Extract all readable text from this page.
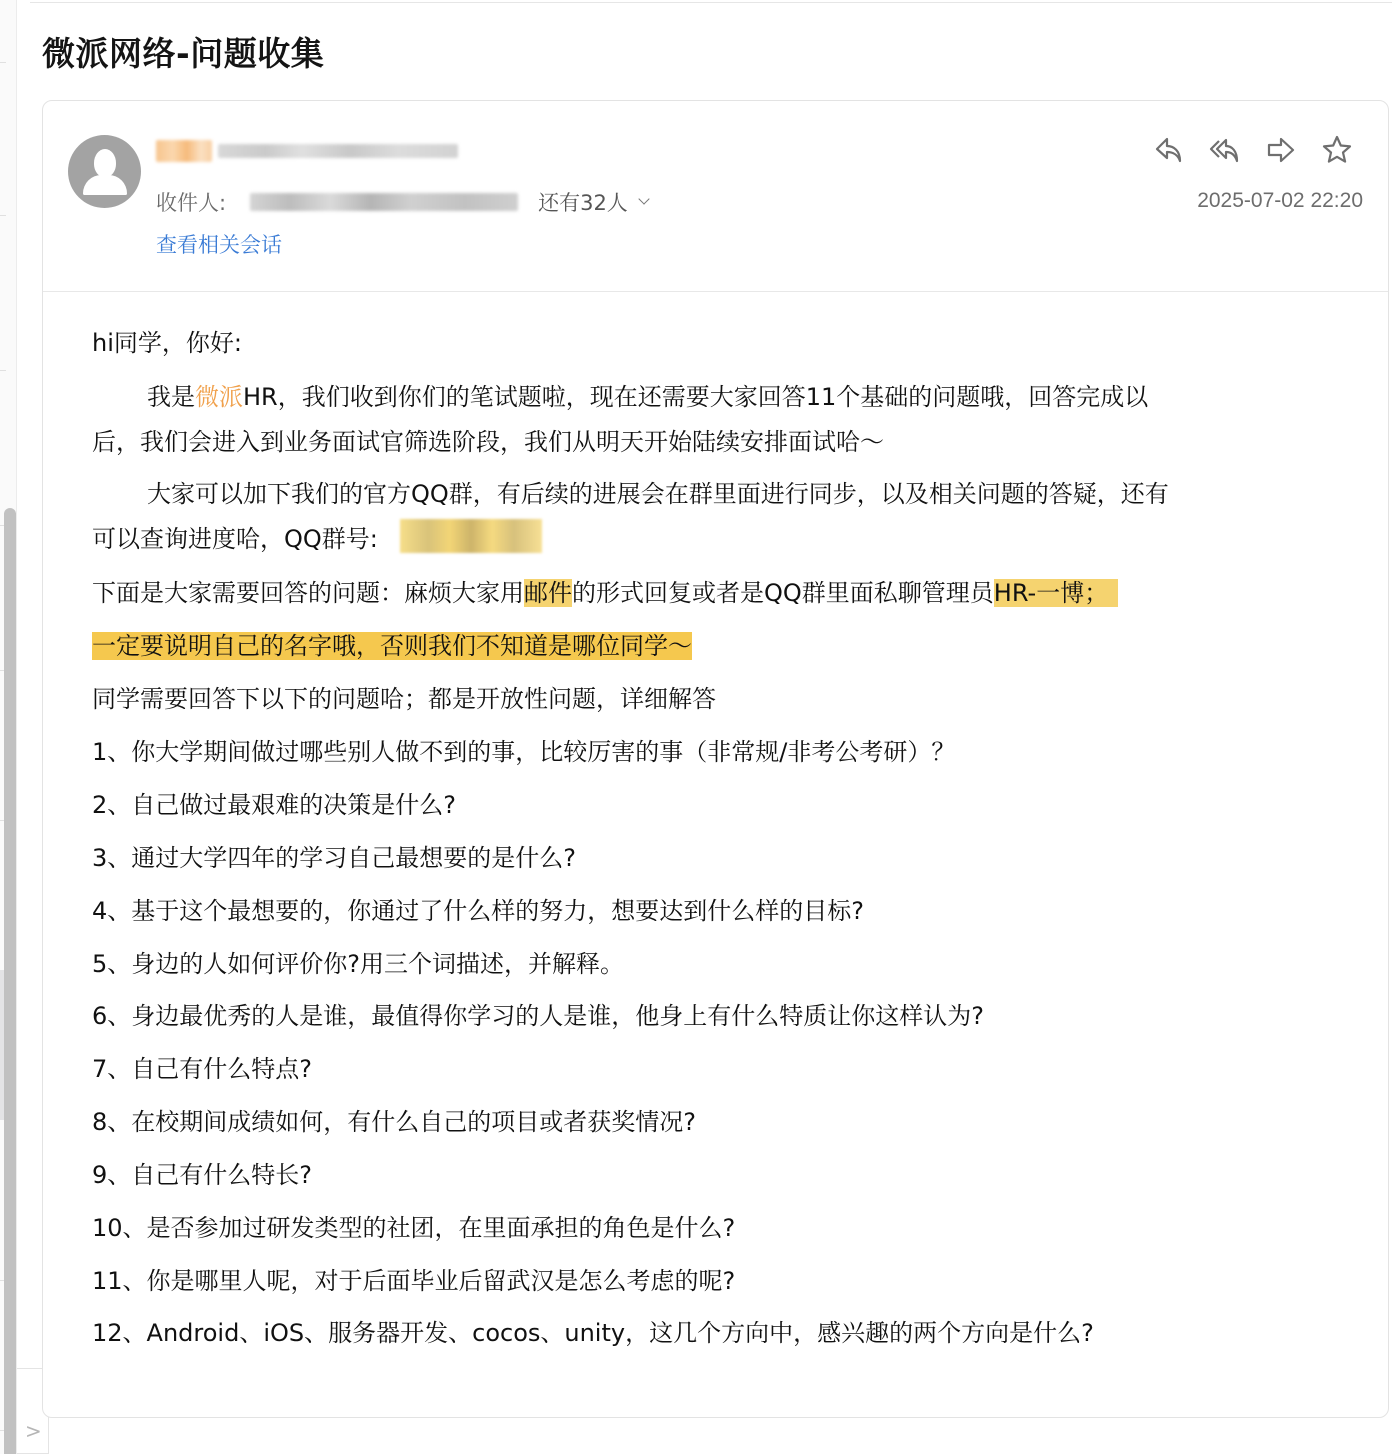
>
微派网络-问题收集
收件人:	还有32人
查看相关会话
2025-07-02 22:20
hi同学，你好:
我是微派HR，我们收到你们的笔试题啦，现在还需要大家回答11个基础的问题哦，回答完成以
后，我们会进入到业务面试官筛选阶段，我们从明天开始陆续安排面试哈～
大家可以加下我们的官方QQ群，有后续的进展会在群里面进行同步，以及相关问题的答疑，还有
可以查询进度哈，QQ群号:
下面是大家需要回答的问题：麻烦大家用邮件的形式回复或者是QQ群里面私聊管理员HR-一博；
一定要说明自己的名字哦，否则我们不知道是哪位同学～
同学需要回答下以下的问题哈；都是开放性问题，详细解答
1、你大学期间做过哪些别人做不到的事，比较厉害的事（非常规/非考公考研）？
2、自己做过最艰难的决策是什么?
3、通过大学四年的学习自己最想要的是什么?
4、基于这个最想要的，你通过了什么样的努力，想要达到什么样的目标?
5、身边的人如何评价你?用三个词描述，并解释。
6、身边最优秀的人是谁，最值得你学习的人是谁，他身上有什么特质让你这样认为?
7、自己有什么特点?
8、在校期间成绩如何，有什么自己的项目或者获奖情况?
9、自己有什么特长?
10、是否参加过研发类型的社团，在里面承担的角色是什么?
11、你是哪里人呢，对于后面毕业后留武汉是怎么考虑的呢?
12、Android、iOS、服务器开发、cocos、unity，这几个方向中，感兴趣的两个方向是什么?
